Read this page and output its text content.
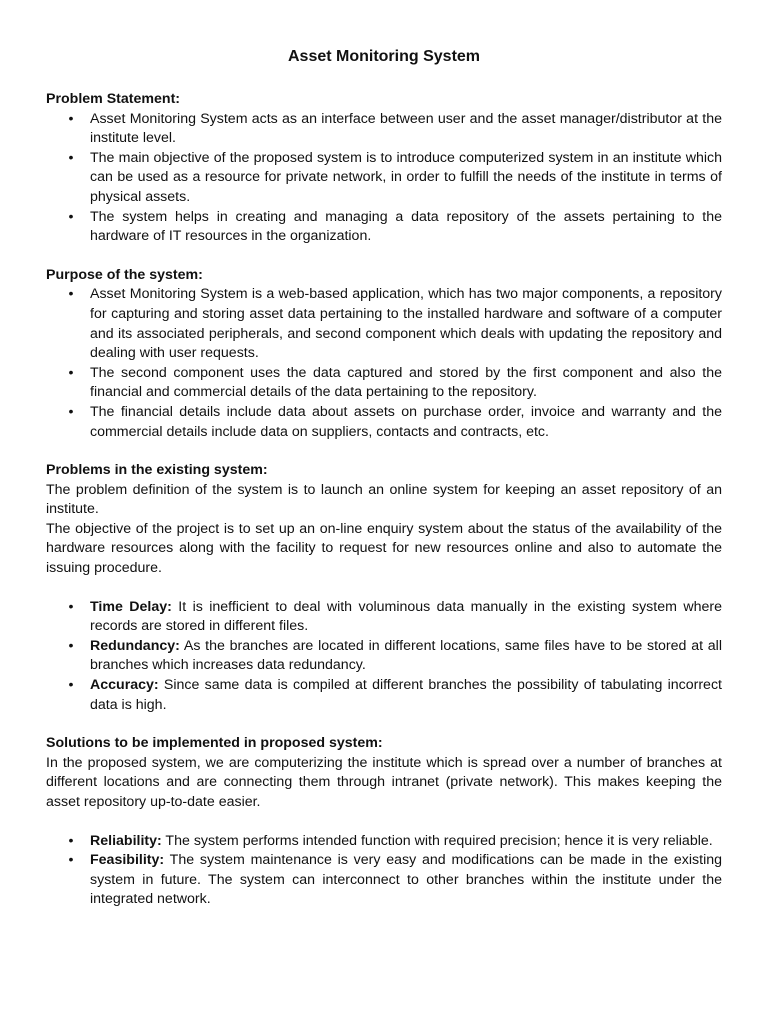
Asset Monitoring System
Problem Statement:
• Asset Monitoring System acts as an interface between user and the asset manager/distributor at the institute level.
• The main objective of the proposed system is to introduce computerized system in an institute which can be used as a resource for private network, in order to fulfill the needs of the institute in terms of physical assets.
• The system helps in creating and managing a data repository of the assets pertaining to the hardware of IT resources in the organization.
Purpose of the system:
• Asset Monitoring System is a web-based application, which has two major components, a repository for capturing and storing asset data pertaining to the installed hardware and software of a computer and its associated peripherals, and second component which deals with updating the repository and dealing with user requests.
• The second component uses the data captured and stored by the first component and also the financial and commercial details of the data pertaining to the repository.
• The financial details include data about assets on purchase order, invoice and warranty and the commercial details include data on suppliers, contacts and contracts, etc.
Problems in the existing system:

The problem definition of the system is to launch an online system for keeping an asset repository of an institute.

The objective of the project is to set up an on-line enquiry system about the status of the availability of the hardware resources along with the facility to request for new resources online and also to automate the issuing procedure.

• Time Delay: It is inefficient to deal with voluminous data manually in the existing system where records are stored in different files.
• Redundancy: As the branches are located in different locations, same files have to be stored at all branches which increases data redundancy.
• Accuracy: Since same data is compiled at different branches the possibility of tabulating incorrect data is high.
Solutions to be implemented in proposed system:

In the proposed system, we are computerizing the institute which is spread over a number of branches at different locations and are connecting them through intranet (private network). This makes keeping the asset repository up-to-date easier.

• Reliability: The system performs intended function with required precision; hence it is very reliable.
• Feasibility: The system maintenance is very easy and modifications can be made in the existing system in future. The system can interconnect to other branches within the institute under the integrated network.
